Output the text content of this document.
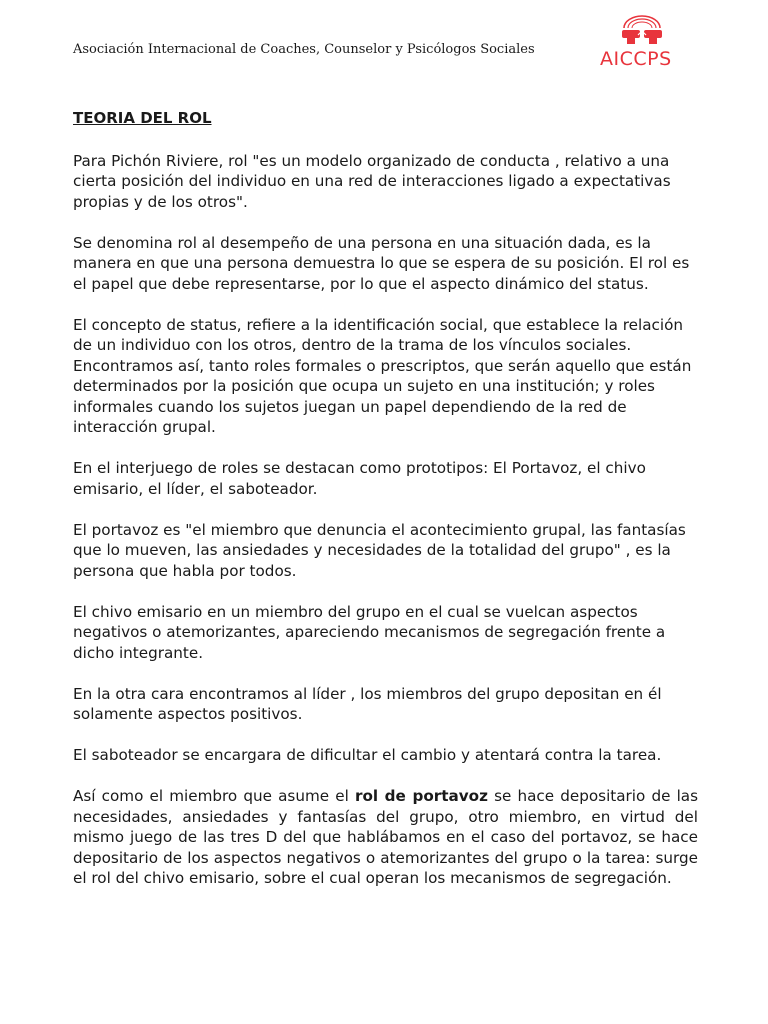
Asociación Internacional de Coaches, Counselor y Psicólogos Sociales	AICCPS
TEORIA DEL ROL

Para Pichón Riviere, rol "es un modelo organizado de conducta , relativo a una cierta posición del individuo en una red de interacciones ligado a expectativas propias y de los otros".

Se denomina rol al desempeño de una persona en una situación dada, es la manera en que una persona demuestra lo que se espera de su posición. El rol es el papel que debe representarse, por lo que el aspecto dinámico del status.

El concepto de status, refiere a la identificación social, que establece la relación de un individuo con los otros, dentro de la trama de los vínculos sociales. Encontramos así, tanto roles formales o prescriptos, que serán aquello que están determinados por la posición que ocupa un sujeto en una institución; y roles informales cuando los sujetos juegan un papel dependiendo de la red de interacción grupal.

En el interjuego de roles se destacan como prototipos: El Portavoz, el chivo emisario, el líder, el saboteador.

El portavoz es "el miembro que denuncia el acontecimiento grupal, las fantasías que lo mueven, las ansiedades y necesidades de la totalidad del grupo" , es la persona que habla por todos.

El chivo emisario en un miembro del grupo en el cual se vuelcan aspectos negativos o atemorizantes, apareciendo mecanismos de segregación frente a dicho integrante.

En la otra cara encontramos al líder , los miembros del grupo depositan en él solamente aspectos positivos.

El saboteador se encargara de dificultar el cambio y atentará contra la tarea.

Así como el miembro que asume el rol de portavoz se hace depositario de las necesidades, ansiedades y fantasías del grupo, otro miembro, en virtud del mismo juego de las tres D del que hablábamos en el caso del portavoz, se hace depositario de los aspectos negativos o atemorizantes del grupo o la tarea: surge el rol del chivo emisario, sobre el cual operan los mecanismos de segregación.
